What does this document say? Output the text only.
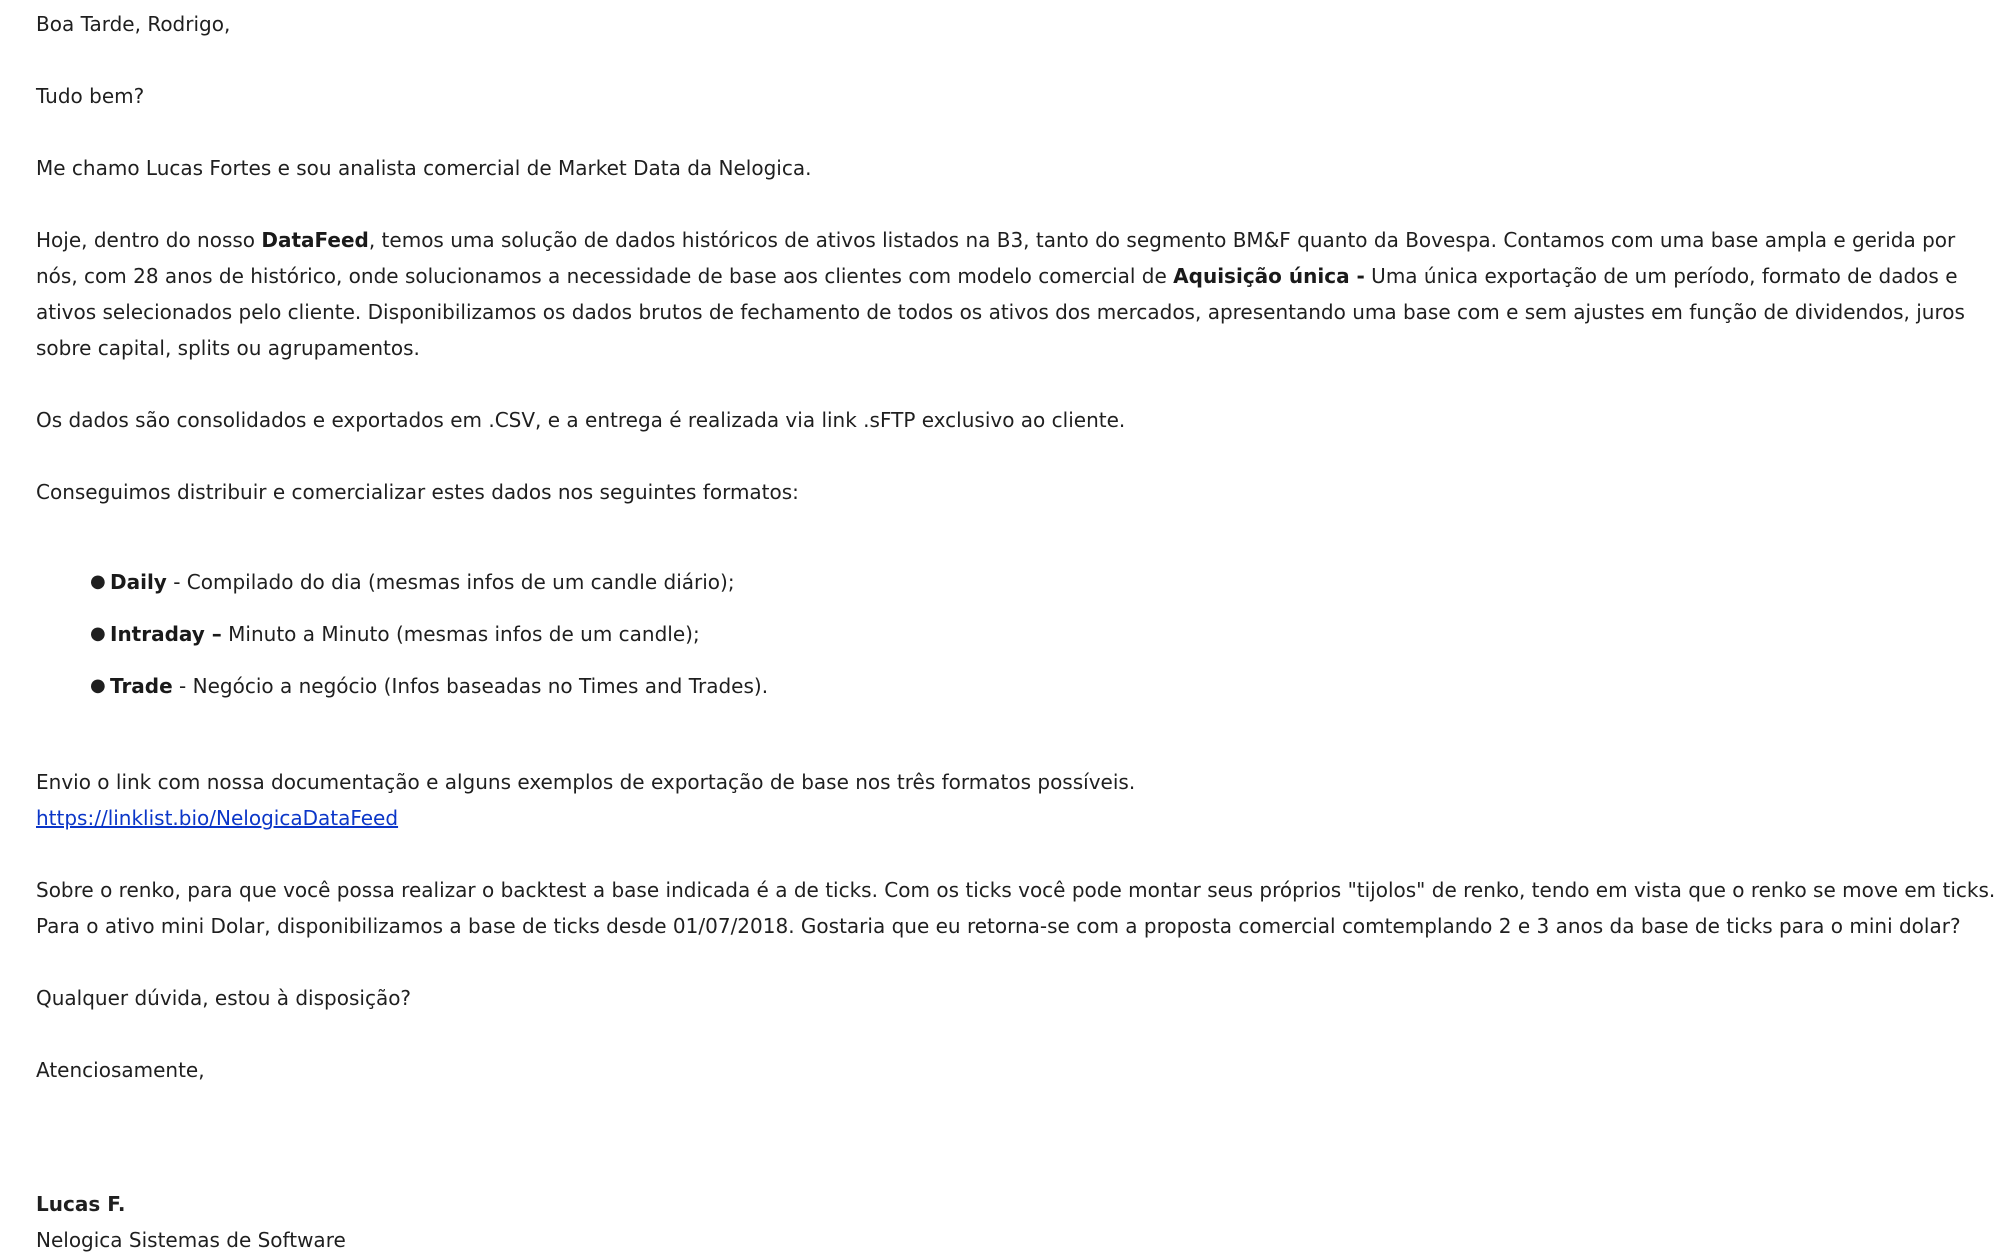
Boa Tarde, Rodrigo,

Tudo bem?

Me chamo Lucas Fortes e sou analista comercial de Market Data da Nelogica.

Hoje, dentro do nosso DataFeed, temos uma solução de dados históricos de ativos listados na B3, tanto do segmento BM&F quanto da Bovespa. Contamos com uma base ampla e gerida por nós, com 28 anos de histórico, onde solucionamos a necessidade de base aos clientes com modelo comercial de Aquisição única - Uma única exportação de um período, formato de dados e ativos selecionados pelo cliente. Disponibilizamos os dados brutos de fechamento de todos os ativos dos mercados, apresentando uma base com e sem ajustes em função de dividendos, juros sobre capital, splits ou agrupamentos.

Os dados são consolidados e exportados em .CSV, e a entrega é realizada via link .sFTP exclusivo ao cliente.

Conseguimos distribuir e comercializar estes dados nos seguintes formatos:

● Daily - Compilado do dia (mesmas infos de um candle diário);
● Intraday – Minuto a Minuto (mesmas infos de um candle);
● Trade - Negócio a negócio (Infos baseadas no Times and Trades).

Envio o link com nossa documentação e alguns exemplos de exportação de base nos três formatos possíveis.

https://linklist.bio/NelogicaDataFeed

Sobre o renko, para que você possa realizar o backtest a base indicada é a de ticks. Com os ticks você pode montar seus próprios "tijolos" de renko, tendo em vista que o renko se move em ticks. Para o ativo mini Dolar, disponibilizamos a base de ticks desde 01/07/2018. Gostaria que eu retorna-se com a proposta comercial comtemplando 2 e 3 anos da base de ticks para o mini dolar?

Qualquer dúvida, estou à disposição?

Atenciosamente,

Lucas F.

Nelogica Sistemas de Software
